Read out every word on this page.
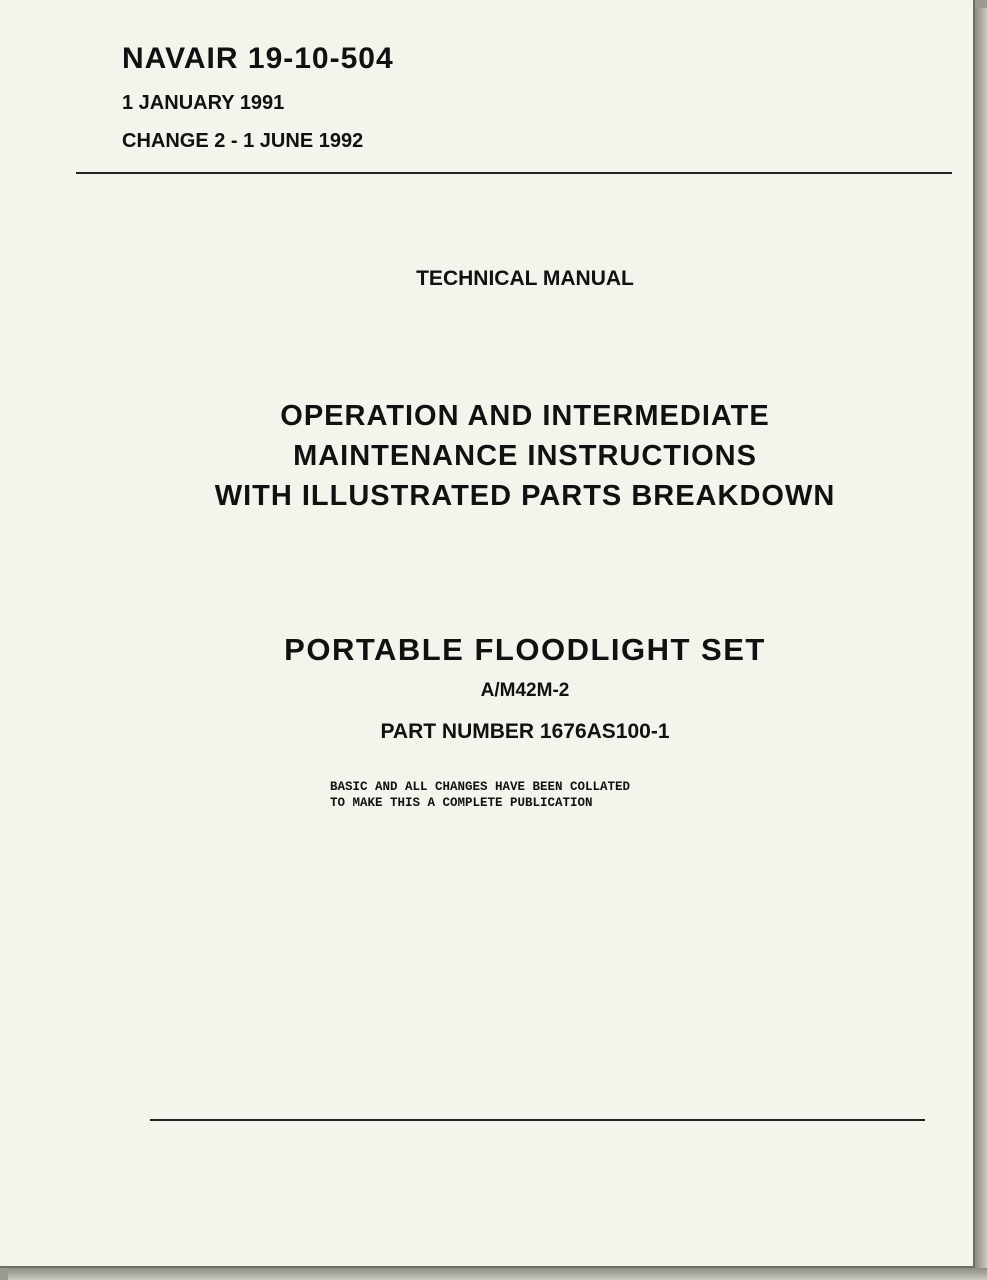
NAVAIR 19-10-504

1 JANUARY 1991

CHANGE 2 - 1 JUNE 1992

TECHNICAL MANUAL

OPERATION AND INTERMEDIATE

MAINTENANCE INSTRUCTIONS

WITH ILLUSTRATED PARTS BREAKDOWN

PORTABLE FLOODLIGHT SET

A/M42M-2

PART NUMBER 1676AS100-1

BASIC AND ALL CHANGES HAVE BEEN COLLATED

TO MAKE THIS A COMPLETE PUBLICATION
